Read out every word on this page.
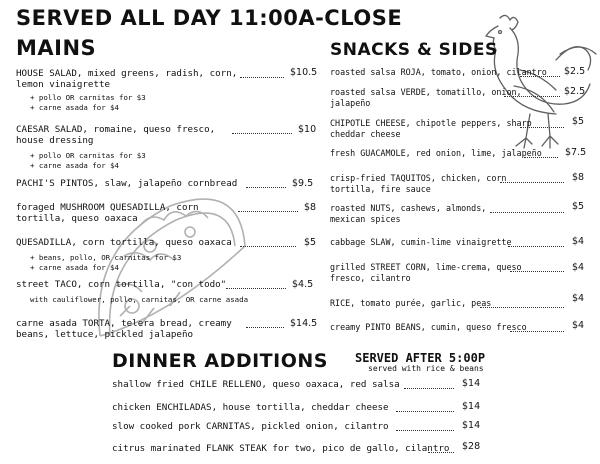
SERVED ALL DAY 11:00A-CLOSE
MAINS	SNACKS & SIDES
DINNER ADDITIONS SERVED AFTER 5:00P
served with rice & beans
HOUSE SALAD, mixed greens, radish, corn,
lemon vinaigrette
$10.5
+ pollo OR carnitas for $3
+ carne asada for $4
CAESAR SALAD, romaine, queso fresco,
house dressing
$10
+ pollo OR carnitas for $3
+ carne asada for $4
PACHI'S PINTOS, slaw, jalapeño cornbread	$9.5
foraged MUSHROOM QUESADILLA, corn
tortilla, queso oaxaca
$8
QUESADILLA, corn tortilla, queso oaxaca	$5
+ beans, pollo, OR carnitas for $3
+ carne asada for $4
street TACO, corn tortilla, "con todo"	$4.5
with cauliflower, pollo, carnitas, OR carne asada
carne asada TORTA, telera bread, creamy
beans, lettuce, pickled jalapeño
$14.5
roasted salsa ROJA, tomato, onion, cilantro $2.5
roasted salsa VERDE, tomatillo, onion,
jalapeño
$2.5
CHIPOTLE CHEESE, chipotle peppers, sharp
cheddar cheese
$5
fresh GUACAMOLE, red onion, lime, jalapeño $7.5
crisp-fried TAQUITOS, chicken, corn
tortilla, fire sauce
$8
roasted NUTS, cashews, almonds,
mexican spices
$5
cabbage SLAW, cumin-lime vinaigrette	$4
grilled STREET CORN, lime-crema, queso
fresco, cilantro
$4
RICE, tomato purée, garlic, peas	$4
creamy PINTO BEANS, cumin, queso fresco	$4
shallow fried CHILE RELLENO, queso oaxaca, red salsa	$14
chicken ENCHILADAS, house tortilla, cheddar cheese	$14
slow cooked pork CARNITAS, pickled onion, cilantro	$14
citrus marinated FLANK STEAK for two, pico de gallo, cilantro $28
